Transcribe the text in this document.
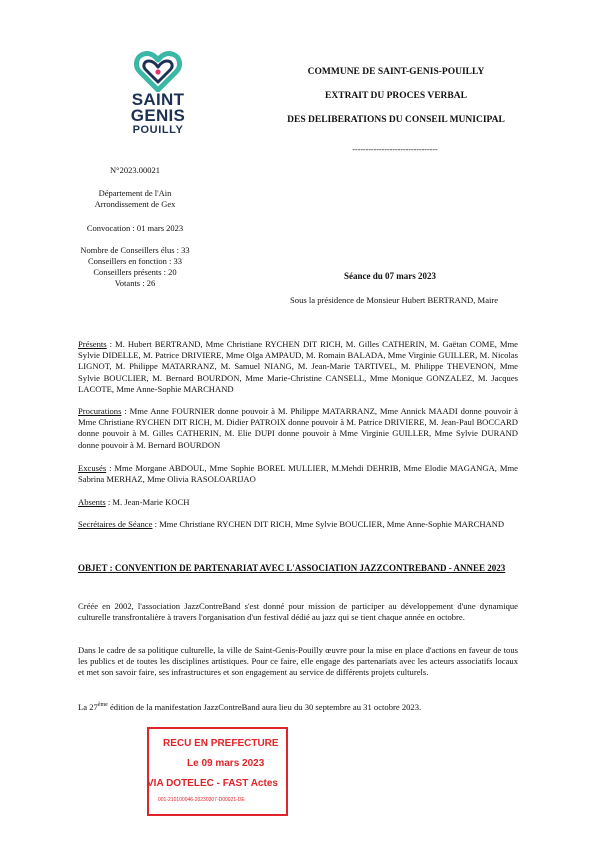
SAINT
GENIS
POUILLY
COMMUNE DE SAINT-GENIS-POUILLY
EXTRAIT DU PROCES VERBAL
DES DELIBERATIONS DU CONSEIL MUNICIPAL
--------------------------------
N°2023.00021
Département de l'Ain
Arrondissement de Gex
Convocation : 01 mars 2023
Nombre de Conseillers élus : 33
Conseillers en fonction : 33
Conseillers présents : 20
Votants : 26
Séance du 07 mars 2023
Sous la présidence de Monsieur Hubert BERTRAND, Maire
Présents : M. Hubert BERTRAND, Mme Christiane RYCHEN DIT RICH, M. Gilles CATHERIN, M. Gaëtan COME, Mme Sylvie DIDELLE, M. Patrice DRIVIERE, Mme Olga AMPAUD, M. Romain BALADA, Mme Virginie GUILLER, M. Nicolas LIGNOT, M. Philippe MATARRANZ, M. Samuel NIANG, M. Jean-Marie TARTIVEL, M. Philippe THEVENON, Mme Sylvie BOUCLIER, M. Bernard BOURDON, Mme Marie-Christine CANSELL, Mme Monique GONZALEZ, M. Jacques LACOTE, Mme Anne-Sophie MARCHAND
Procurations : Mme Anne FOURNIER donne pouvoir à M. Philippe MATARRANZ, Mme Annick MAADI donne pouvoir à Mme Christiane RYCHEN DIT RICH, M. Didier PATROIX donne pouvoir à M. Patrice DRIVIERE, M. Jean-Paul BOCCARD donne pouvoir à M. Gilles CATHERIN, M. Elie DUPI donne pouvoir à Mme Virginie GUILLER, Mme Sylvie DURAND donne pouvoir à M. Bernard BOURDON
Excusés : Mme Morgane ABDOUL, Mme Sophie BOREL MULLIER, M.Mehdi DEHRIB, Mme Elodie MAGANGA, Mme Sabrina MERHAZ, Mme Olivia RASOLOARIJAO
Absents : M. Jean-Marie KOCH
Secrétaires de Séance : Mme Christiane RYCHEN DIT RICH, Mme Sylvie BOUCLIER, Mme Anne-Sophie MARCHAND
OBJET : CONVENTION DE PARTENARIAT AVEC L'ASSOCIATION JAZZCONTREBAND - ANNEE 2023
Créée en 2002, l'association JazzContreBand s'est donné pour mission de participer au développement d'une dynamique culturelle transfrontalière à travers l'organisation d'un festival dédié au jazz qui se tient chaque année en octobre.
Dans le cadre de sa politique culturelle, la ville de Saint-Genis-Pouilly œuvre pour la mise en place d'actions en faveur de tous les publics et de toutes les disciplines artistiques. Pour ce faire, elle engage des partenariats avec les acteurs associatifs locaux et met son savoir faire, ses infrastructures et son engagement au service de différents projets culturels.
La 27ème édition de la manifestation JazzContreBand aura lieu du 30 septembre au 31 octobre 2023.
RECU EN PREFECTURE
Le 09 mars 2023
VIA DOTELEC - FAST Actes
001-210100046-20230307-D00021-DE
